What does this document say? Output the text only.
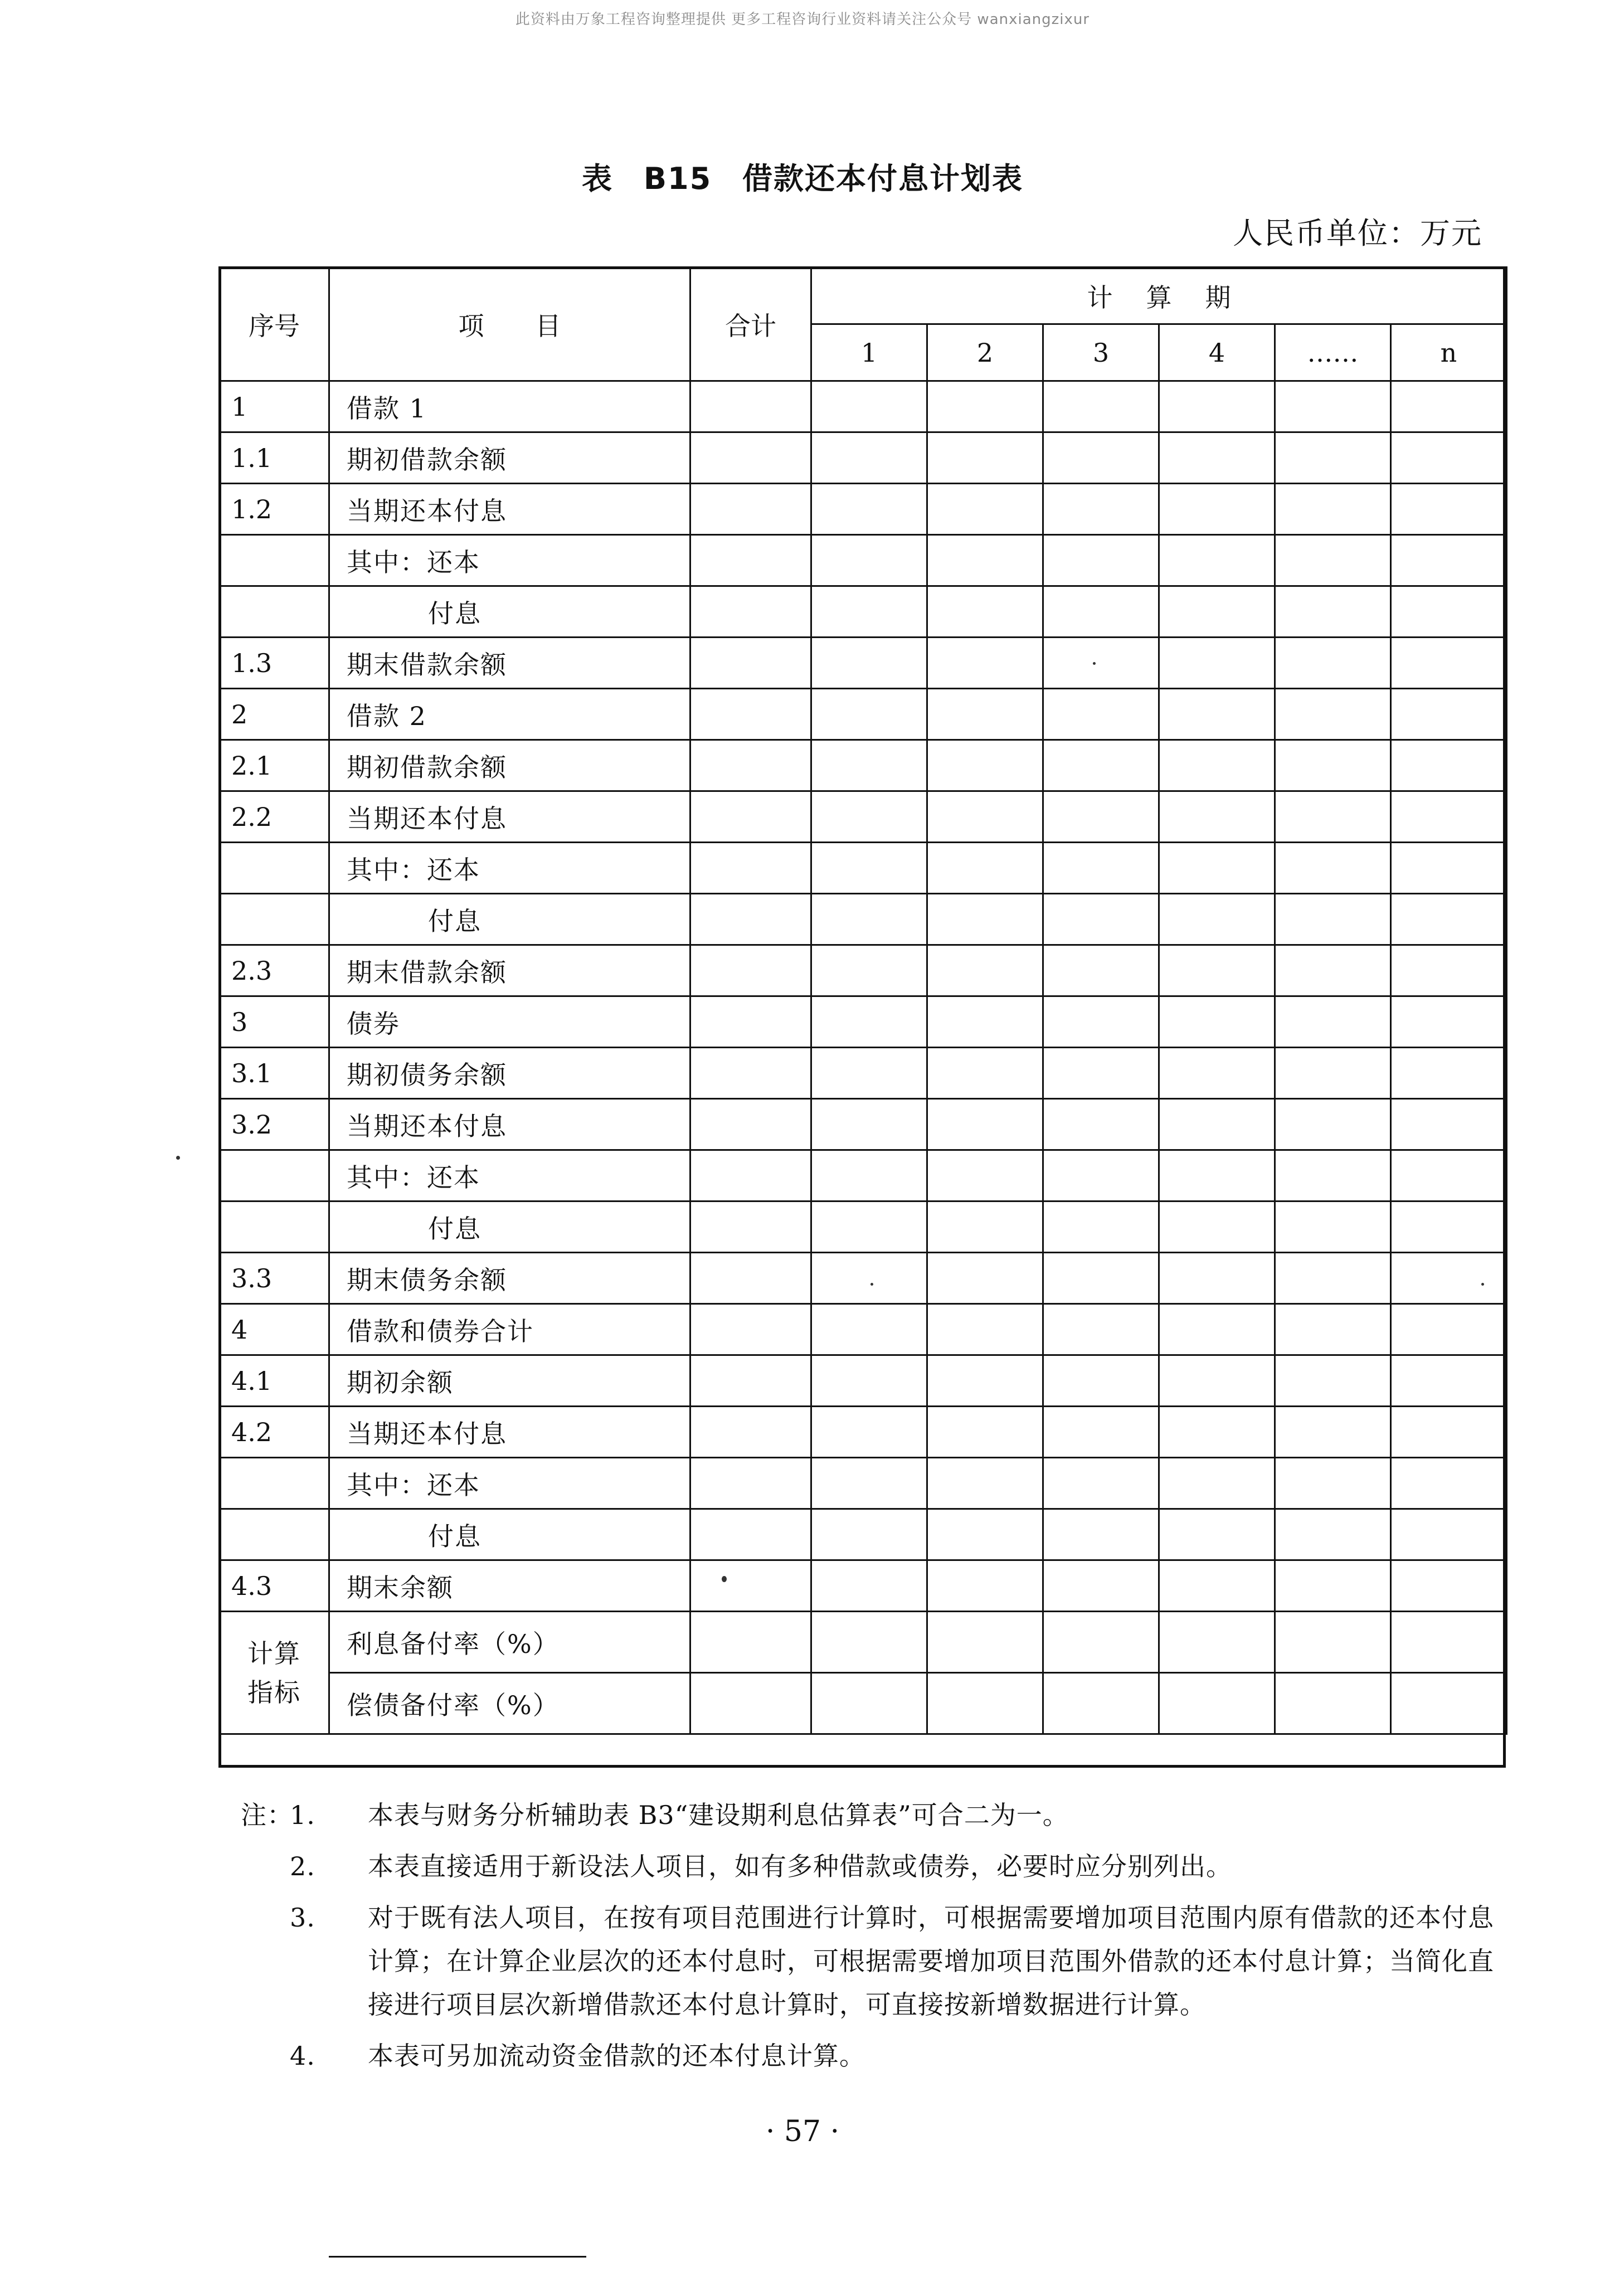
此资料由万象工程咨询整理提供 更多工程咨询行业资料请关注公众号 wanxiangzixur
表 B15 借款还本付息计划表
人民币单位：万元
序号	项　　目	合计	计算期					
			1	2	3	4	……	n
1	借款 1							
1.1	期初借款余额							
1.2	当期还本付息							
	其中：还本							
	付息							
1.3	期末借款余额							
2	借款 2							
2.1	期初借款余额							
2.2	当期还本付息							
	其中：还本							
	付息							
2.3	期末借款余额							
3	债券							
3.1	期初债务余额							
3.2	当期还本付息							
	其中：还本							
	付息							
3.3	期末债务余额							
4	借款和债券合计							
4.1	期初余额							
4.2	当期还本付息							
	其中：还本							
	付息							
4.3	期末余额							
计算指标	利息备付率（%）							
	偿债备付率（%）							
注：
1.	本表与财务分析辅助表 B3“建设期利息估算表”可合二为一。
2.	本表直接适用于新设法人项目，如有多种借款或债券，必要时应分别列出。
3.	对于既有法人项目，在按有项目范围进行计算时，可根据需要增加项目范围内原有借款的还本付息计算；在计算企业层次的还本付息时，可根据需要增加项目范围外借款的还本付息计算；当简化直接进行项目层次新增借款还本付息计算时，可直接按新增数据进行计算。
4.	本表可另加流动资金借款的还本付息计算。
· 57 ·
